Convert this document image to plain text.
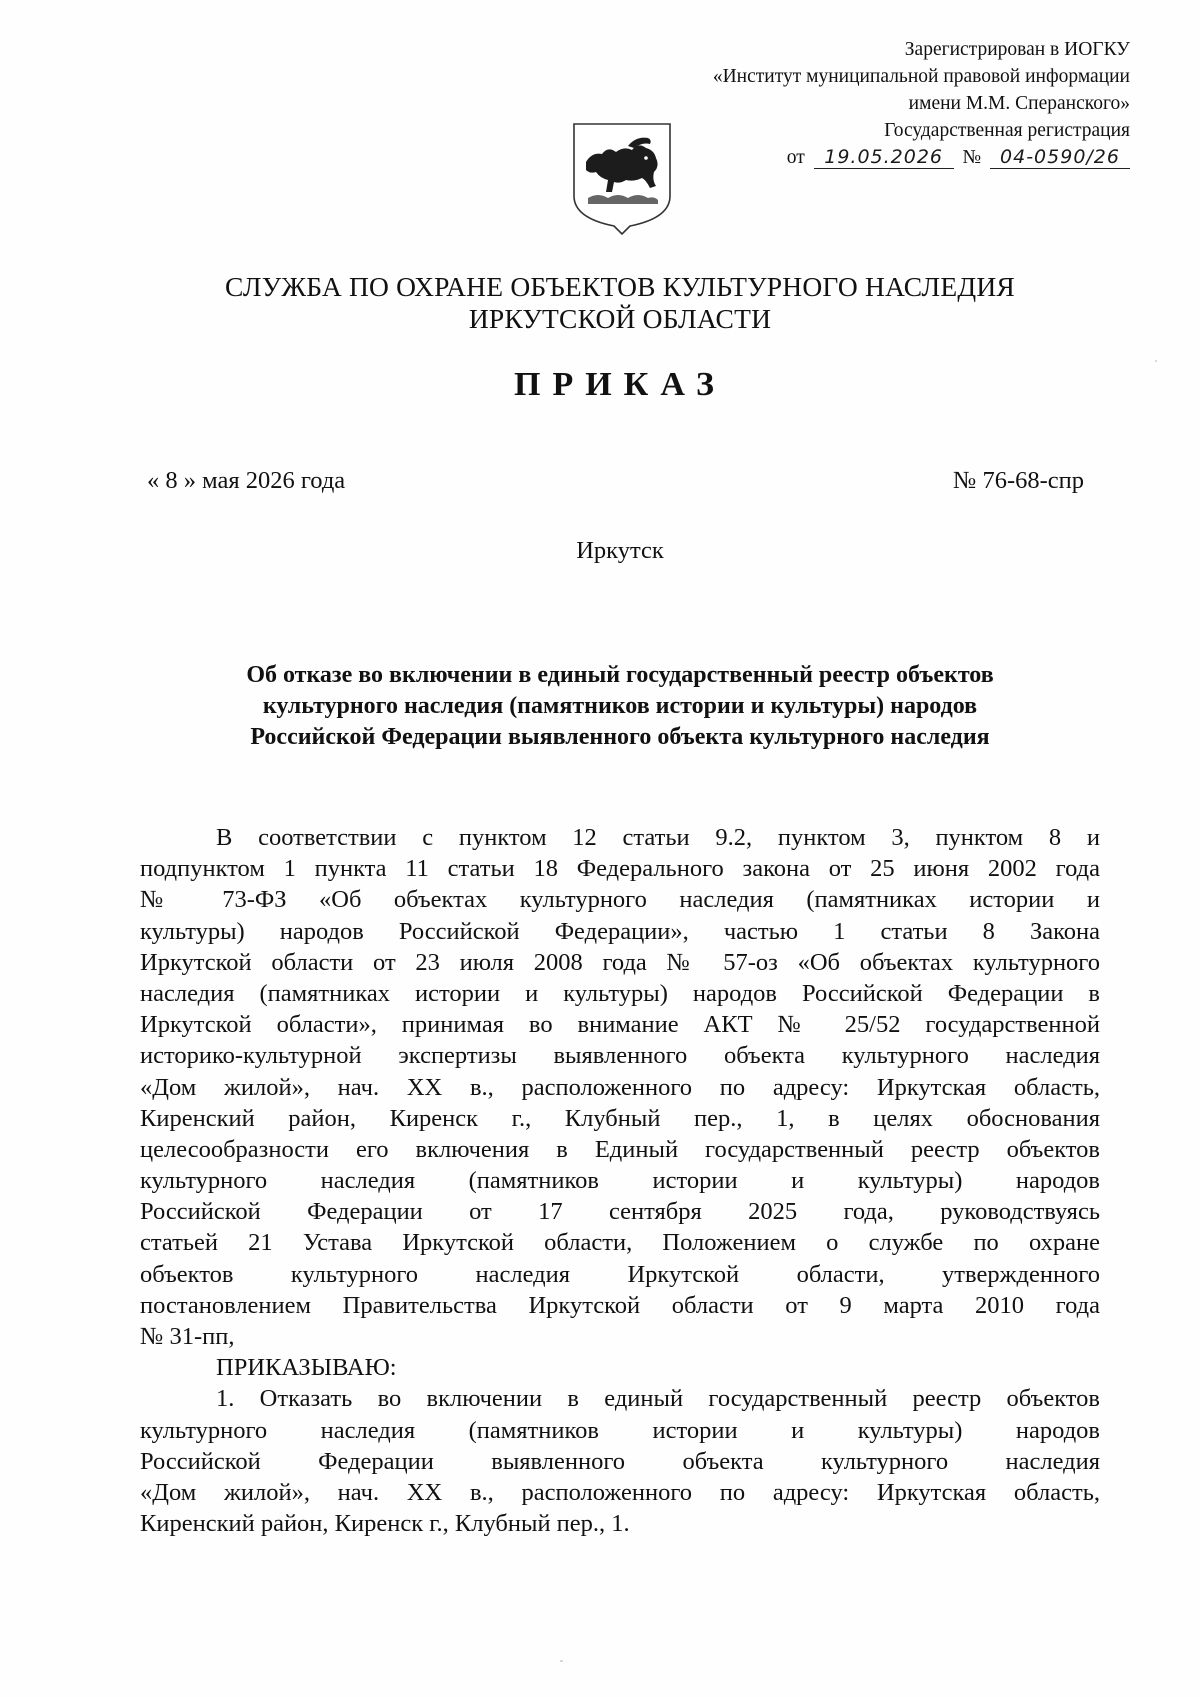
Зарегистрирован в ИОГКУ
«Институт муниципальной правовой информации
имени М.М. Сперанского»
Государственная регистрация
от 19.05.2026 № 04-0590/26
СЛУЖБА ПО ОХРАНЕ ОБЪЕКТОВ КУЛЬТУРНОГО НАСЛЕДИЯ
ИРКУТСКОЙ ОБЛАСТИ
ПРИКАЗ
« 8 » мая 2026 года	№ 76-68-спр
Иркутск
Об отказе во включении в единый государственный реестр объектов
культурного наследия (памятников истории и культуры) народов
Российской Федерации выявленного объекта культурного наследия
В соответствии с пунктом 12 статьи 9.2, пунктом 3, пунктом 8 и
подпунктом 1 пункта 11 статьи 18 Федерального закона от 25 июня 2002 года
№ 73-ФЗ «Об объектах культурного наследия (памятниках истории и
культуры) народов Российской Федерации», частью 1 статьи 8 Закона
Иркутской области от 23 июля 2008 года № 57-оз «Об объектах культурного
наследия (памятниках истории и культуры) народов Российской Федерации в
Иркутской области», принимая во внимание АКТ № 25/52 государственной
историко-культурной экспертизы выявленного объекта культурного наследия
«Дом жилой», нач. XX в., расположенного по адресу: Иркутская область,
Киренский район, Киренск г., Клубный пер., 1, в целях обоснования
целесообразности его включения в Единый государственный реестр объектов
культурного наследия (памятников истории и культуры) народов
Российской Федерации от 17 сентября 2025 года, руководствуясь
статьей 21 Устава Иркутской области, Положением о службе по охране
объектов культурного наследия Иркутской области, утвержденного
постановлением Правительства Иркутской области от 9 марта 2010 года
№ 31-пп,
ПРИКАЗЫВАЮ:
1. Отказать во включении в единый государственный реестр объектов
культурного наследия (памятников истории и культуры) народов
Российской Федерации выявленного объекта культурного наследия
«Дом жилой», нач. XX в., расположенного по адресу: Иркутская область,
Киренский район, Киренск г., Клубный пер., 1.
